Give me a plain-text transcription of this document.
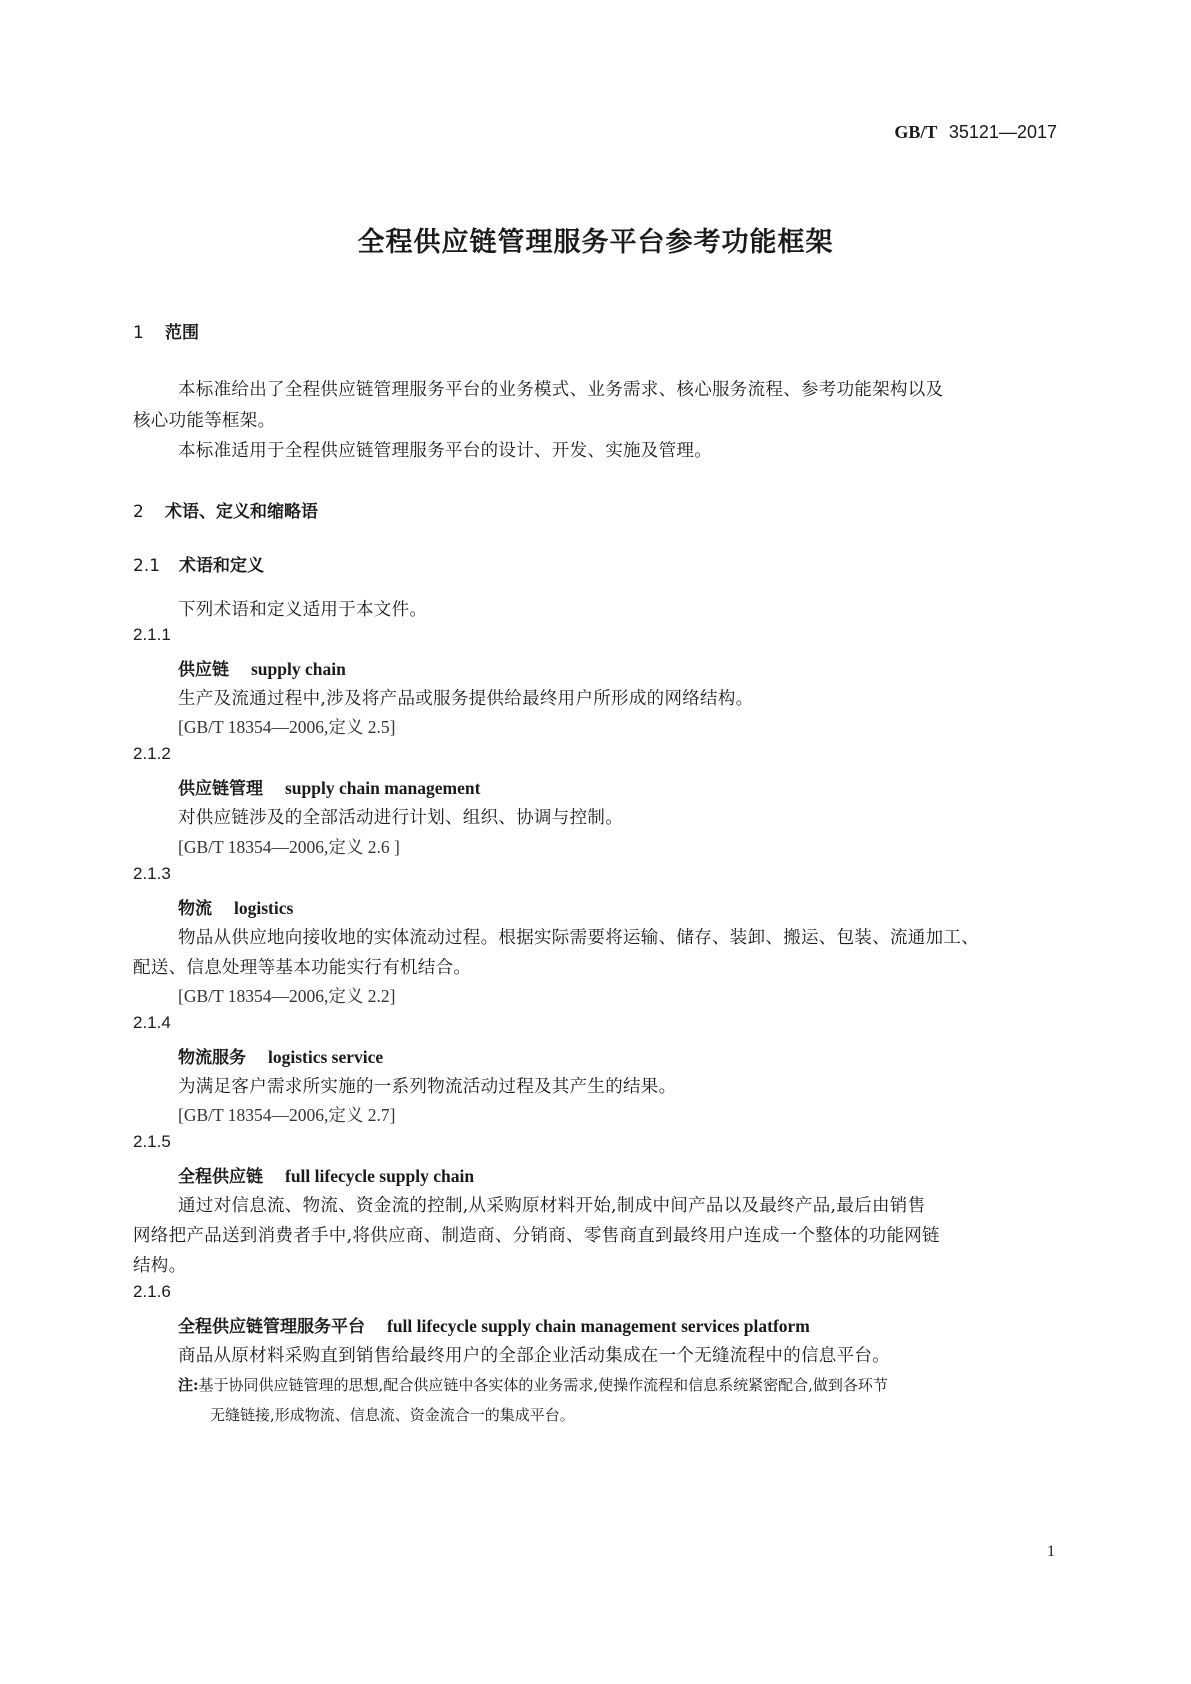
GB/T 35121—2017
全程供应链管理服务平台参考功能框架
1 范围
本标准给出了全程供应链管理服务平台的业务模式、业务需求、核心服务流程、参考功能架构以及
核心功能等框架。
本标准适用于全程供应链管理服务平台的设计、开发、实施及管理。
2 术语、定义和缩略语
2.1 术语和定义
下列术语和定义适用于本文件。
2.1.1
供应链 supply chain
生产及流通过程中,涉及将产品或服务提供给最终用户所形成的网络结构。
[GB/T 18354—2006,定义 2.5]
2.1.2
供应链管理 supply chain management
对供应链涉及的全部活动进行计划、组织、协调与控制。
[GB/T 18354—2006,定义 2.6 ]
2.1.3
物流 logistics
物品从供应地向接收地的实体流动过程。根据实际需要将运输、储存、装卸、搬运、包装、流通加工、
配送、信息处理等基本功能实行有机结合。
[GB/T 18354—2006,定义 2.2]
2.1.4
物流服务 logistics service
为满足客户需求所实施的一系列物流活动过程及其产生的结果。
[GB/T 18354—2006,定义 2.7]
2.1.5
全程供应链 full lifecycle supply chain
通过对信息流、物流、资金流的控制,从采购原材料开始,制成中间产品以及最终产品,最后由销售
网络把产品送到消费者手中,将供应商、制造商、分销商、零售商直到最终用户连成一个整体的功能网链
结构。
2.1.6
全程供应链管理服务平台 full lifecycle supply chain management services platform
商品从原材料采购直到销售给最终用户的全部企业活动集成在一个无缝流程中的信息平台。
注:基于协同供应链管理的思想,配合供应链中各实体的业务需求,使操作流程和信息系统紧密配合,做到各环节
无缝链接,形成物流、信息流、资金流合一的集成平台。
1
